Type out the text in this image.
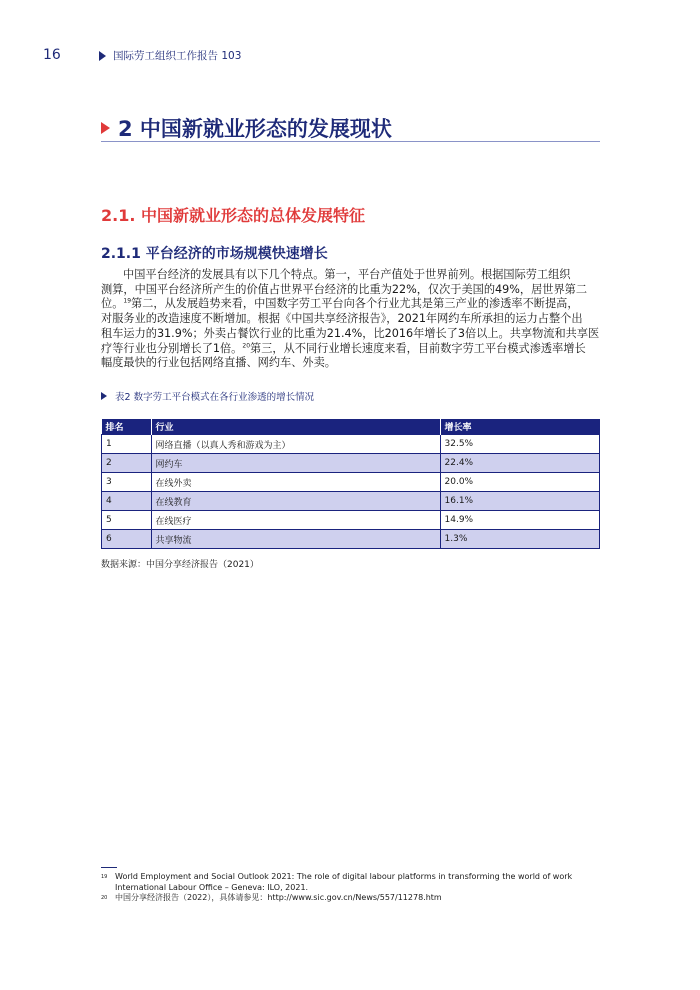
16	国际劳工组织工作报告 103
2 中国新就业形态的发展现状
2.1. 中国新就业形态的总体发展特征
2.1.1 平台经济的市场规模快速增长
中国平台经济的发展具有以下几个特点。第一，平台产值处于世界前列。根据国际劳工组织
测算，中国平台经济所产生的价值占世界平台经济的比重为22%，仅次于美国的49%，居世界第二
位。$^{19}$第二，从发展趋势来看，中国数字劳工平台向各个行业尤其是第三产业的渗透率不断提高，
对服务业的改造速度不断增加。根据《中国共享经济报告》，2021年网约车所承担的运力占整个出
租车运力的31.9%；外卖占餐饮行业的比重为21.4%，比2016年增长了3倍以上。共享物流和共享医
疗等行业也分别增长了1倍。$^{20}$第三，从不同行业增长速度来看，目前数字劳工平台模式渗透率增长
幅度最快的行业包括网络直播、网约车、外卖。
表2 数字劳工平台模式在各行业渗透的增长情况
排名	行业	增长率
1	网络直播（以真人秀和游戏为主）	32.5%
2	网约车	22.4%
3	在线外卖	20.0%
4	在线教育	16.1%
5	在线医疗	14.9%
6	共享物流	1.3%
数据来源：中国分享经济报告（2021）
19 World Employment and Social Outlook 2021: The role of digital labour platforms in transforming the world of work International Labour Office – Geneva: ILO, 2021.
20 中国分享经济报告（2022），具体请参见：http://www.sic.gov.cn/News/557/11278.htm
